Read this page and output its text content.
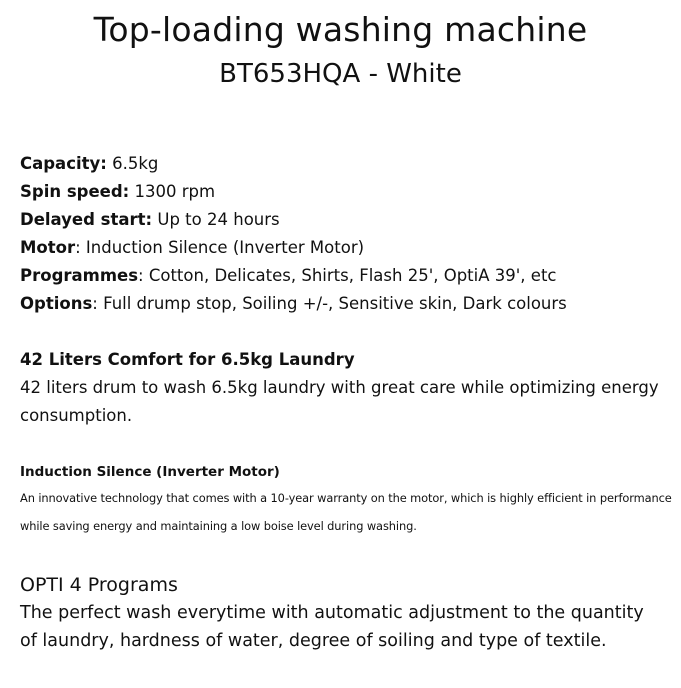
Top-loading washing machine
BT653HQA - White
Capacity: 6.5kg
Spin speed: 1300 rpm
Delayed start: Up to 24 hours
Motor: Induction Silence (Inverter Motor)
Programmes: Cotton, Delicates, Shirts, Flash 25', OptiA 39', etc
Options: Full drump stop, Soiling +/-, Sensitive skin, Dark colours
42 Liters Comfort for 6.5kg Laundry

42 liters drum to wash 6.5kg laundry with great care while optimizing energy consumption.

Induction Silence (Inverter Motor)

An innovative technology that comes with a 10-year warranty on the motor, which is highly efficient in performance while saving energy and maintaining a low boise level during washing.

OPTI 4 Programs

The perfect wash everytime with automatic adjustment to the quantity of laundry, hardness of water, degree of soiling and type of textile.
